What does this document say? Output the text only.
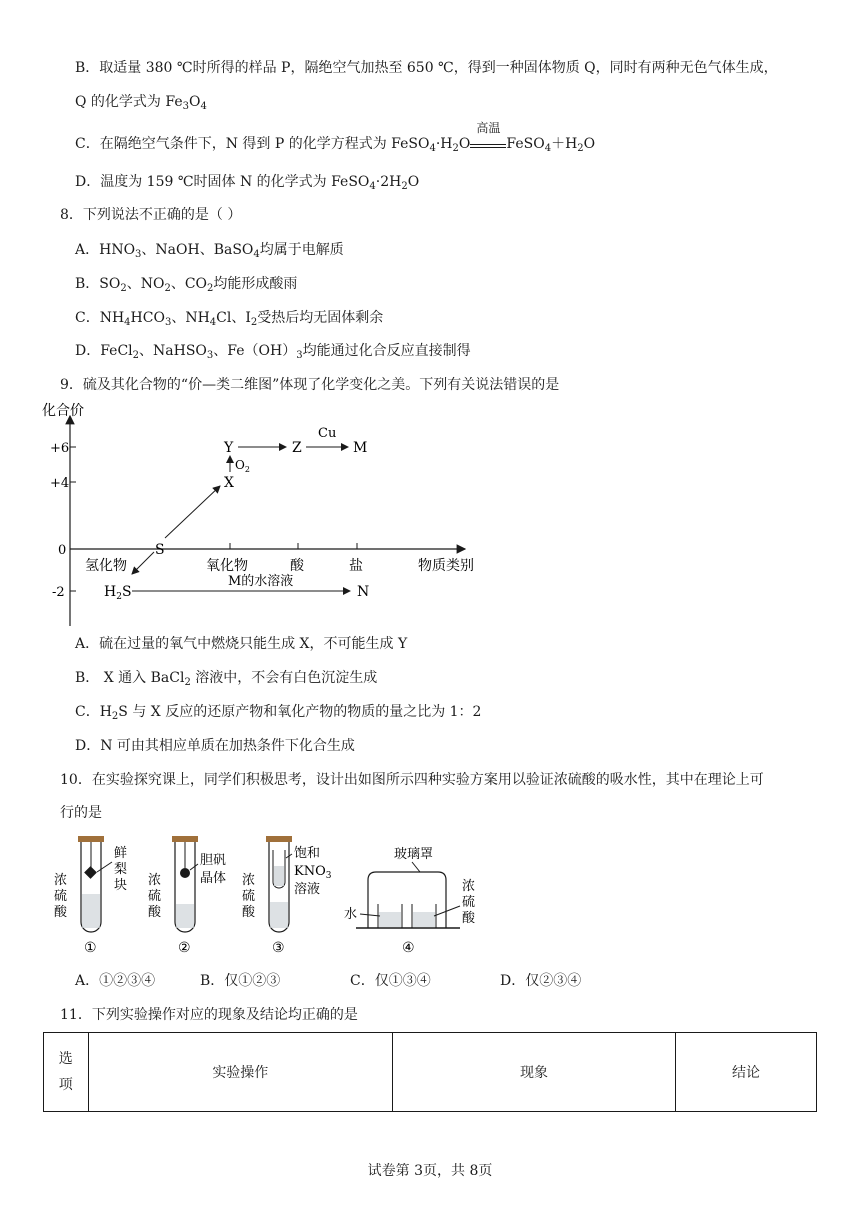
B．取适量 380 ℃时所得的样品 P，隔绝空气加热至 650 ℃，得到一种固体物质 Q，同时有两种无色气体生成，
Q 的化学式为 $Fe_3O_4$
C．在隔绝空气条件下，N 得到 P 的化学方程式为 $FeSO_4\cdot H_2O$
高温
$FeSO_4+H_2O$
D．温度为 159 ℃时固体 N 的化学式为 $FeSO_4\cdot 2H_2O$
8．下列说法不正确的是（ ）
A．$HNO_3$、NaOH、BaSO$_4$均属于电解质
B．$SO_2$、$NO_2$、$CO_2$均能形成酸雨
C．$NH_4HCO_3$、$NH_4Cl$、$I_2$受热后均无固体剩余
D．FeCl$_2$、NaHSO$_3$、$Fe(OH)_3$均能通过化合反应直接制得
9．硫及其化合物的“价—类二维图”体现了化学变化之美。下列有关说法错误的是
化合价
物质类别
+6
+4
0
-2
氢化物	氧化物	酸	盐
Y	Z	M
X
S
N
$H_2S$
Cu
$O_2$
M的水溶液
A．硫在过量的氧气中燃烧只能生成 X，不可能生成 Y
B． X 通入 BaCl$_2$ 溶液中，不会有白色沉淀生成
C．$H_2S$ 与 X 反应的还原产物和氧化产物的物质的量之比为 1：2
D．N 可由其相应单质在加热条件下化合生成
10．在实验探究课上，同学们积极思考，设计出如图所示四种实验方案用以验证浓硫酸的吸水性，其中在理论上可
行的是
鲜
梨
块
浓
硫
酸
①
胆矾
晶体
浓
硫
酸
②
饱和
$KNO_3$
溶液
浓
硫
酸
③
玻璃罩
水
浓
硫
酸
④
A．①②③④	B．仅①②③	C．仅①③④	D．仅②③④
11．下列实验操作对应的现象及结论均正确的是
选
项	实验操作	现象	结论
试卷第 3页，共 8页
